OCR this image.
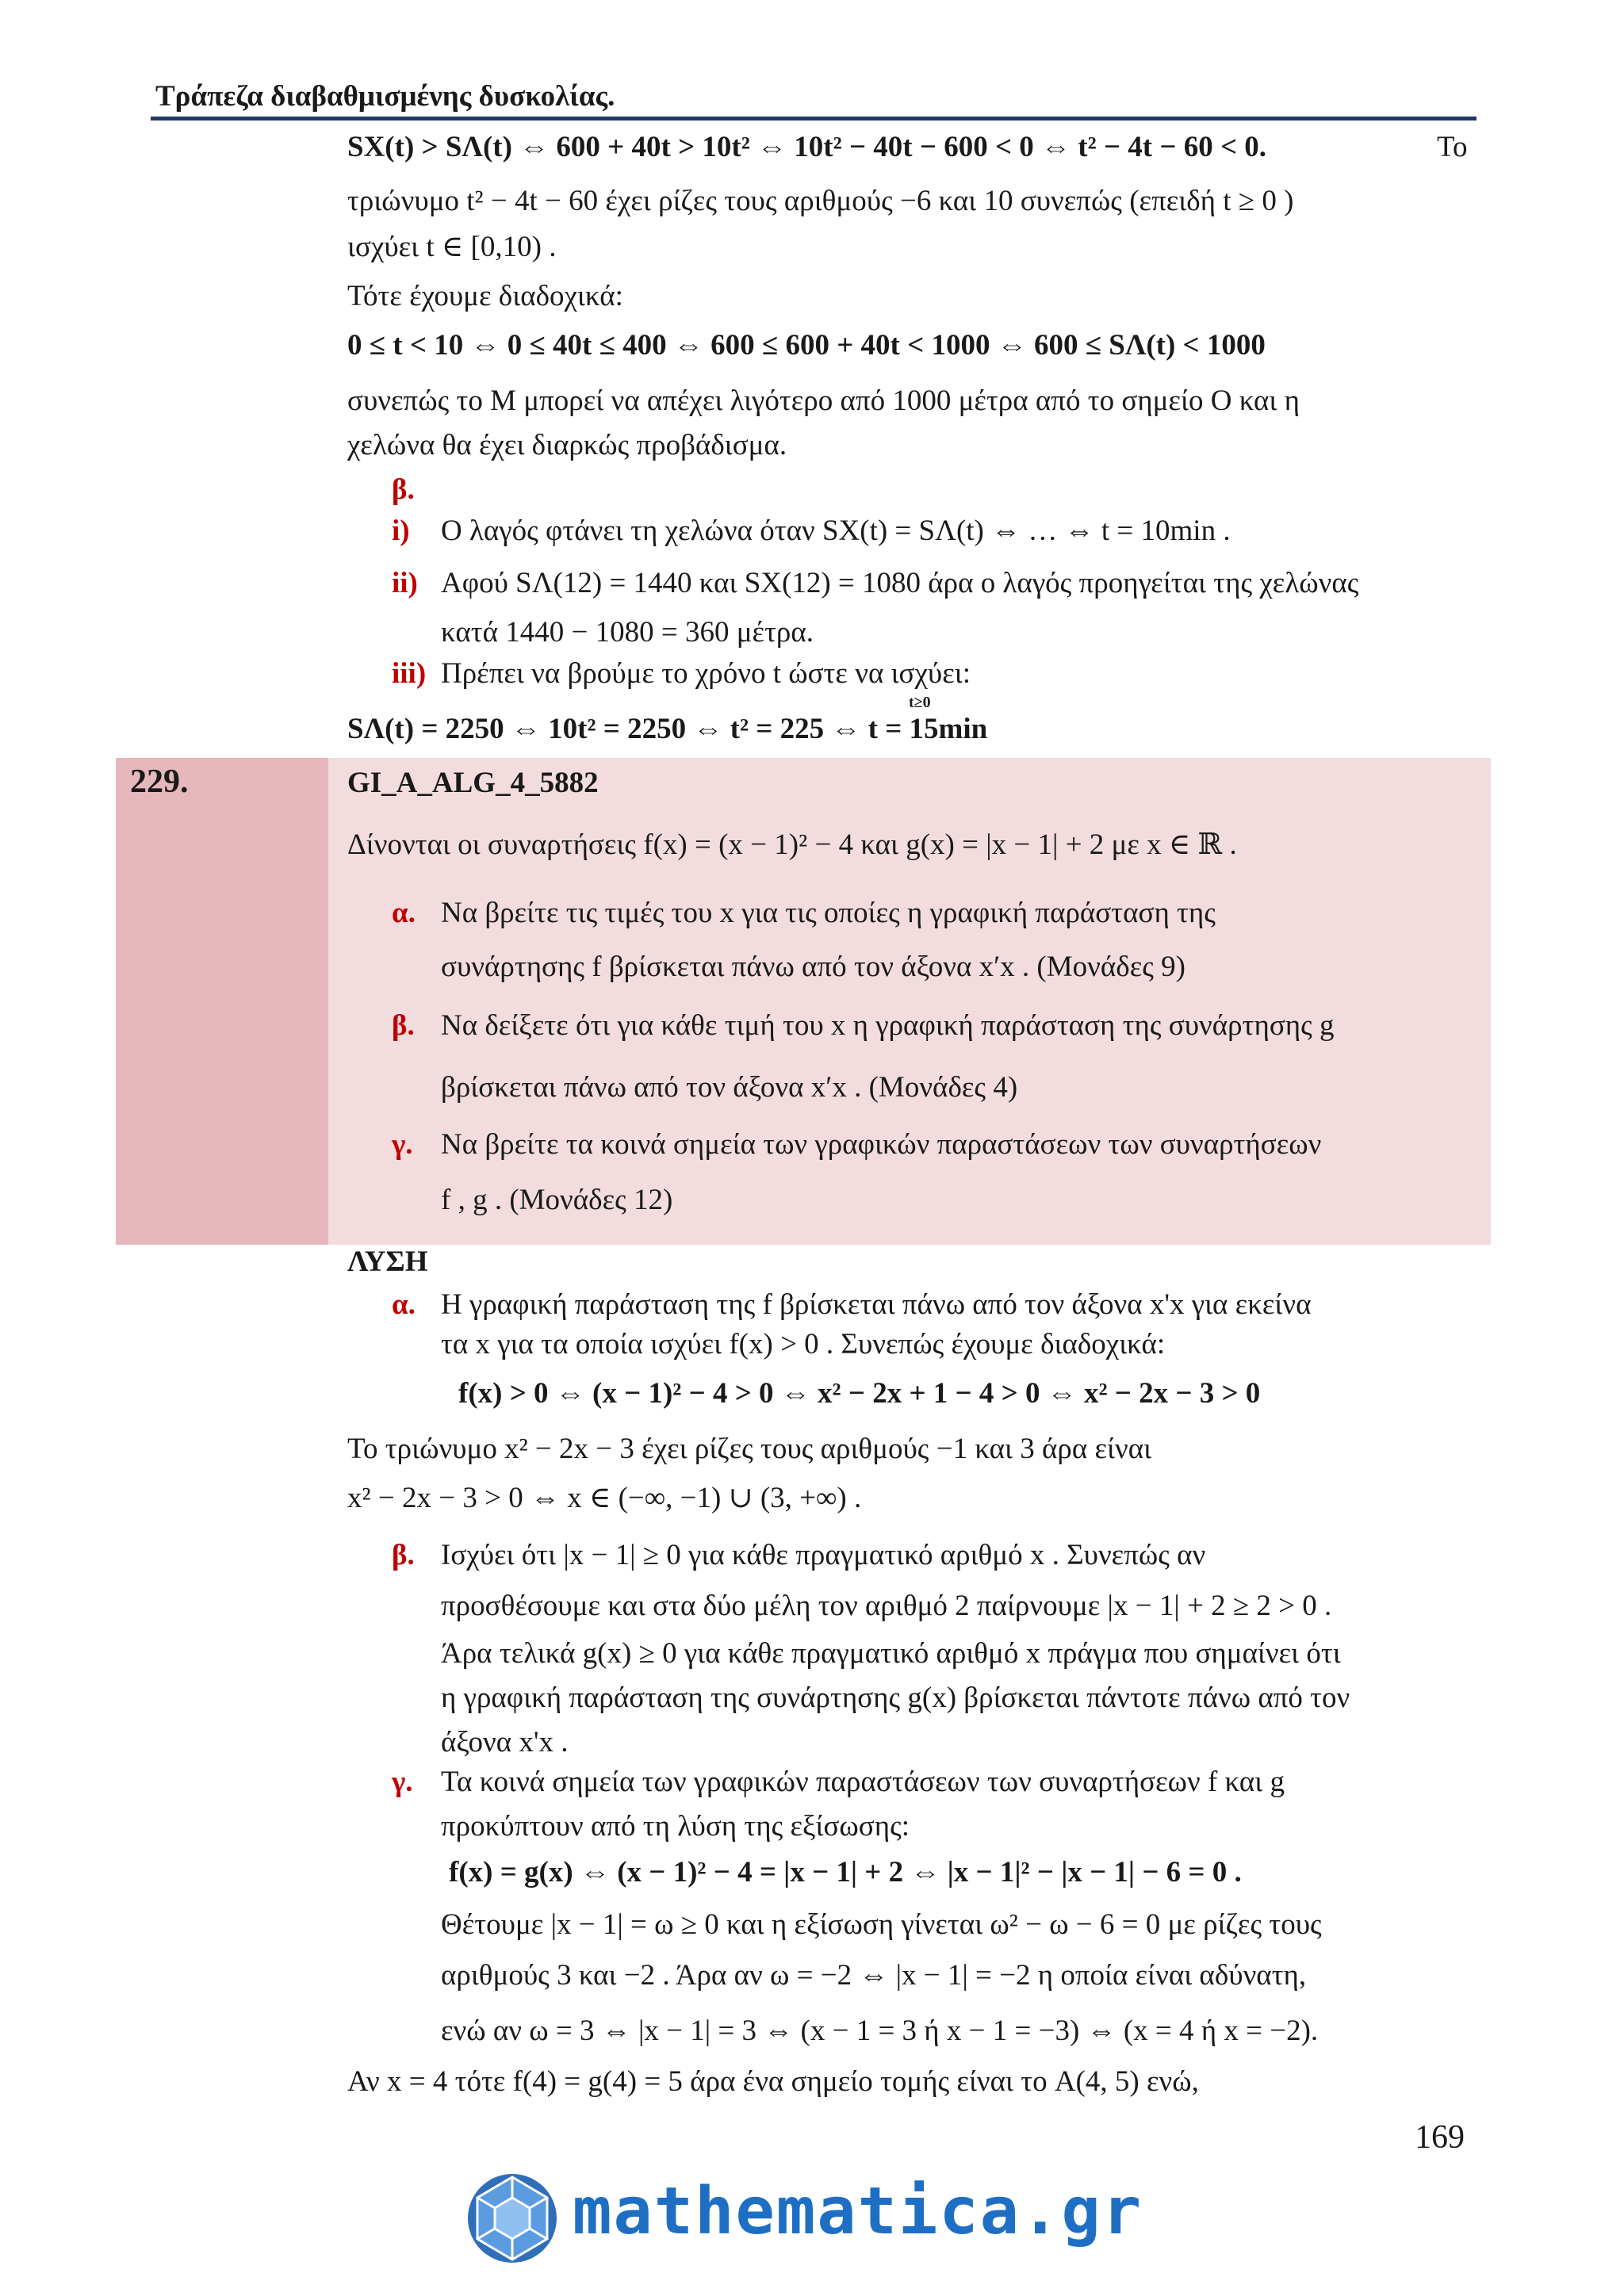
Τράπεζα διαβαθμισμένης δυσκολίας.
SΧ(t) > SΛ(t) ⇔ 600 + 40t > 10t² ⇔ 10t² − 40t − 600 < 0 ⇔ t² − 4t − 60 < 0.	Το
τριώνυμο t² − 4t − 60 έχει ρίζες τους αριθμούς −6 και 10 συνεπώς (επειδή t ≥ 0 )
ισχύει t ∈ [0,10) .
Τότε έχουμε διαδοχικά:
0 ≤ t < 10 ⇔ 0 ≤ 40t ≤ 400 ⇔ 600 ≤ 600 + 40t < 1000 ⇔ 600 ≤ SΛ(t) < 1000
συνεπώς το M μπορεί να απέχει λιγότερο από 1000 μέτρα από το σημείο O και η
χελώνα θα έχει διαρκώς προβάδισμα.
β.
i) Ο λαγός φτάνει τη χελώνα όταν SΧ(t) = SΛ(t) ⇔ … ⇔ t = 10min .
ii) Αφού SΛ(12) = 1440 και SΧ(12) = 1080 άρα ο λαγός προηγείται της χελώνας
κατά 1440 − 1080 = 360 μέτρα.
iii) Πρέπει να βρούμε το χρόνο t ώστε να ισχύει:
t≥0
SΛ(t) = 2250 ⇔ 10t² = 2250 ⇔ t² = 225 ⇔ t = 15min
229.	GI_A_ALG_4_5882
Δίνονται οι συναρτήσεις f(x) = (x − 1)² − 4 και g(x) = |x − 1| + 2 με x ∈ ℝ .
α. Να βρείτε τις τιμές του x για τις οποίες η γραφική παράσταση της
συνάρτησης f βρίσκεται πάνω από τον άξονα x′x . (Μονάδες 9)
β. Να δείξετε ότι για κάθε τιμή του x η γραφική παράσταση της συνάρτησης g
βρίσκεται πάνω από τον άξονα x′x . (Μονάδες 4)
γ. Να βρείτε τα κοινά σημεία των γραφικών παραστάσεων των συναρτήσεων
f , g . (Μονάδες 12)
ΛΥΣΗ
α. Η γραφική παράσταση της f βρίσκεται πάνω από τον άξονα x'x για εκείνα
τα x για τα οποία ισχύει f(x) > 0 . Συνεπώς έχουμε διαδοχικά:
f(x) > 0 ⇔ (x − 1)² − 4 > 0 ⇔ x² − 2x + 1 − 4 > 0 ⇔ x² − 2x − 3 > 0
Το τριώνυμο x² − 2x − 3 έχει ρίζες τους αριθμούς −1 και 3 άρα είναι
x² − 2x − 3 > 0 ⇔ x ∈ (−∞, −1) ∪ (3, +∞) .
β. Ισχύει ότι |x − 1| ≥ 0 για κάθε πραγματικό αριθμό x . Συνεπώς αν
προσθέσουμε και στα δύο μέλη τον αριθμό 2 παίρνουμε |x − 1| + 2 ≥ 2 > 0 .
Άρα τελικά g(x) ≥ 0 για κάθε πραγματικό αριθμό x πράγμα που σημαίνει ότι
η γραφική παράσταση της συνάρτησης g(x) βρίσκεται πάντοτε πάνω από τον
άξονα x'x .
γ. Τα κοινά σημεία των γραφικών παραστάσεων των συναρτήσεων f και g
προκύπτουν από τη λύση της εξίσωσης:
f(x) = g(x) ⇔ (x − 1)² − 4 = |x − 1| + 2 ⇔ |x − 1|² − |x − 1| − 6 = 0 .
Θέτουμε |x − 1| = ω ≥ 0 και η εξίσωση γίνεται ω² − ω − 6 = 0 με ρίζες τους
αριθμούς 3 και −2 . Άρα αν ω = −2 ⇔ |x − 1| = −2 η οποία είναι αδύνατη,
ενώ αν ω = 3 ⇔ |x − 1| = 3 ⇔ (x − 1 = 3 ή x − 1 = −3) ⇔ (x = 4 ή x = −2).
Αν x = 4 τότε f(4) = g(4) = 5 άρα ένα σημείο τομής είναι το A(4, 5) ενώ,
169
mathematica.gr
